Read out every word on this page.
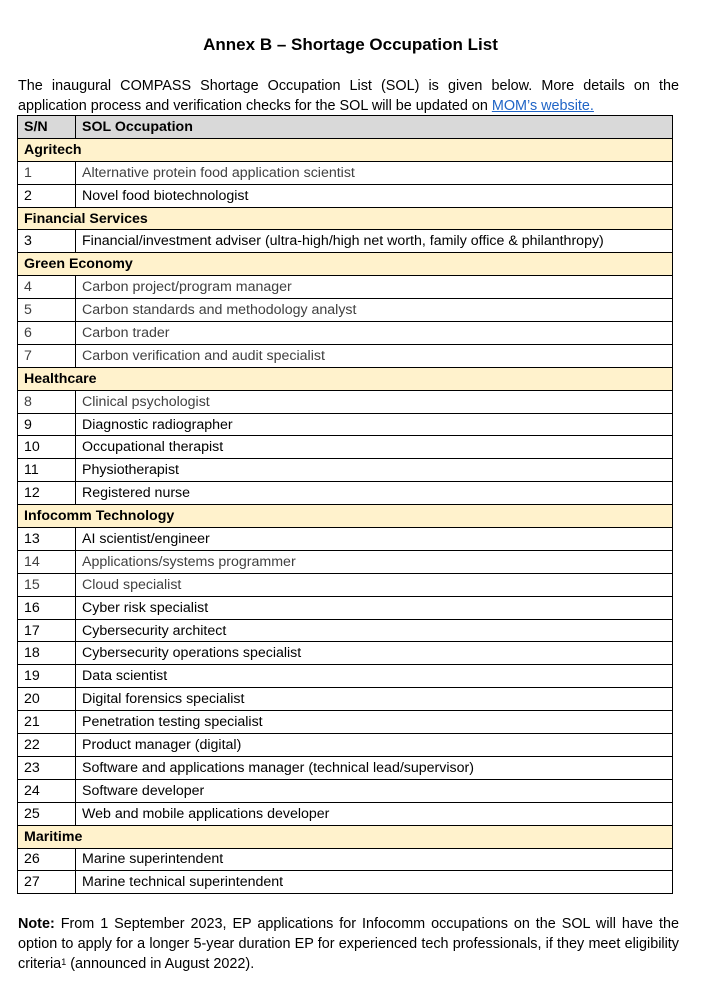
Annex B – Shortage Occupation List

The inaugural COMPASS Shortage Occupation List (SOL) is given below. More details on the application process and verification checks for the SOL will be updated on MOM’s website.

S/N	SOL Occupation
Agritech	
1	Alternative protein food application scientist
2	Novel food biotechnologist
Financial Services	
3	Financial/investment adviser (ultra-high/high net worth, family office & philanthropy)
Green Economy	
4	Carbon project/program manager
5	Carbon standards and methodology analyst
6	Carbon trader
7	Carbon verification and audit specialist
Healthcare	
8	Clinical psychologist
9	Diagnostic radiographer
10	Occupational therapist
11	Physiotherapist
12	Registered nurse
Infocomm Technology	
13	AI scientist/engineer
14	Applications/systems programmer
15	Cloud specialist
16	Cyber risk specialist
17	Cybersecurity architect
18	Cybersecurity operations specialist
19	Data scientist
20	Digital forensics specialist
21	Penetration testing specialist
22	Product manager (digital)
23	Software and applications manager (technical lead/supervisor)
24	Software developer
25	Web and mobile applications developer
Maritime	
26	Marine superintendent
27	Marine technical superintendent

Note: From 1 September 2023, EP applications for Infocomm occupations on the SOL will have the option to apply for a longer 5-year duration EP for experienced tech professionals, if they meet eligibility criteria$^1$ (announced in August 2022).
